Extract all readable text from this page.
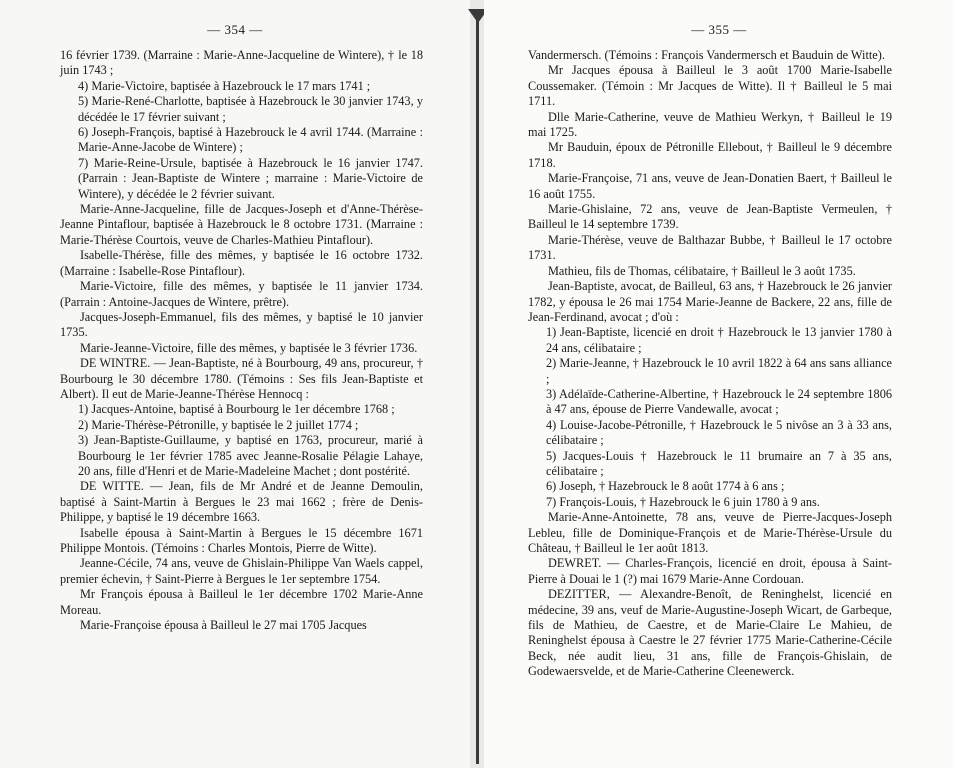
— 354 —

16 février 1739. (Marraine : Marie-Anne-Jacqueline de Wintere), † le 18 juin 1743 ;

4) Marie-Victoire, baptisée à Hazebrouck le 17 mars 1741 ;

5) Marie-René-Charlotte, baptisée à Hazebrouck le 30 janvier 1743, y décédée le 17 février suivant ;

6) Joseph-François, baptisé à Hazebrouck le 4 avril 1744. (Marraine : Marie-Anne-Jacobe de Wintere) ;

7) Marie-Reine-Ursule, baptisée à Hazebrouck le 16 janvier 1747. (Parrain : Jean-Baptiste de Wintere ; marraine : Marie-Victoire de Wintere), y décédée le 2 février suivant.

Marie-Anne-Jacqueline, fille de Jacques-Joseph et d'Anne-Thérèse-Jeanne Pintaflour, baptisée à Hazebrouck le 8 octobre 1731. (Marraine : Marie-Thérèse Courtois, veuve de Charles-Mathieu Pintaflour).

Isabelle-Thérèse, fille des mêmes, y baptisée le 16 octobre 1732. (Marraine : Isabelle-Rose Pintaflour).

Marie-Victoire, fille des mêmes, y baptisée le 11 janvier 1734. (Parrain : Antoine-Jacques de Wintere, prêtre).

Jacques-Joseph-Emmanuel, fils des mêmes, y baptisé le 10 janvier 1735.

Marie-Jeanne-Victoire, fille des mêmes, y baptisée le 3 février 1736.

DE WINTRE. — Jean-Baptiste, né à Bourbourg, 49 ans, procureur, † Bourbourg le 30 décembre 1780. (Témoins : Ses fils Jean-Baptiste et Albert). Il eut de Marie-Jeanne-Thérèse Hennocq :

1) Jacques-Antoine, baptisé à Bourbourg le 1er décembre 1768 ;

2) Marie-Thérèse-Pétronille, y baptisée le 2 juillet 1774 ;

3) Jean-Baptiste-Guillaume, y baptisé en 1763, procureur, marié à Bourbourg le 1er février 1785 avec Jeanne-Rosalie Pélagie Lahaye, 20 ans, fille d'Henri et de Marie-Madeleine Machet ; dont postérité.

DE WITTE. — Jean, fils de Mr André et de Jeanne Demoulin, baptisé à Saint-Martin à Bergues le 23 mai 1662 ; frère de Denis-Philippe, y baptisé le 19 décembre 1663.

Isabelle épousa à Saint-Martin à Bergues le 15 décembre 1671 Philippe Montois. (Témoins : Charles Montois, Pierre de Witte).

Jeanne-Cécile, 74 ans, veuve de Ghislain-Philippe Van Waels cappel, premier échevin, † Saint-Pierre à Bergues le 1er septembre 1754.

Mr François épousa à Bailleul le 1er décembre 1702 Marie-Anne Moreau.

Marie-Françoise épousa à Bailleul le 27 mai 1705 Jacques

— 355 —

Vandermersch. (Témoins : François Vandermersch et Bauduin de Witte).

Mr Jacques épousa à Bailleul le 3 août 1700 Marie-Isabelle Coussemaker. (Témoin : Mr Jacques de Witte). Il † Bailleul le 5 mai 1711.

Dlle Marie-Catherine, veuve de Mathieu Werkyn, † Bailleul le 19 mai 1725.

Mr Bauduin, époux de Pétronille Ellebout, † Bailleul le 9 décembre 1718.

Marie-Françoise, 71 ans, veuve de Jean-Donatien Baert, † Bailleul le 16 août 1755.

Marie-Ghislaine, 72 ans, veuve de Jean-Baptiste Vermeulen, † Bailleul le 14 septembre 1739.

Marie-Thérèse, veuve de Balthazar Bubbe, † Bailleul le 17 octobre 1731.

Mathieu, fils de Thomas, célibataire, † Bailleul le 3 août 1735.

Jean-Baptiste, avocat, de Bailleul, 63 ans, † Hazebrouck le 26 janvier 1782, y épousa le 26 mai 1754 Marie-Jeanne de Backere, 22 ans, fille de Jean-Ferdinand, avocat ; d'où :

1) Jean-Baptiste, licencié en droit † Hazebrouck le 13 janvier 1780 à 24 ans, célibataire ;

2) Marie-Jeanne, † Hazebrouck le 10 avril 1822 à 64 ans sans alliance ;

3) Adélaïde-Catherine-Albertine, † Hazebrouck le 24 septembre 1806 à 47 ans, épouse de Pierre Vandewalle, avocat ;

4) Louise-Jacobe-Pétronille, † Hazebrouck le 5 nivôse an 3 à 33 ans, célibataire ;

5) Jacques-Louis † Hazebrouck le 11 brumaire an 7 à 35 ans, célibataire ;

6) Joseph, † Hazebrouck le 8 août 1774 à 6 ans ;

7) François-Louis, † Hazebrouck le 6 juin 1780 à 9 ans.

Marie-Anne-Antoinette, 78 ans, veuve de Pierre-Jacques-Joseph Lebleu, fille de Dominique-François et de Marie-Thérèse-Ursule du Château, † Bailleul le 1er août 1813.

DEWRET. — Charles-François, licencié en droit, épousa à Saint-Pierre à Douai le 1 (?) mai 1679 Marie-Anne Cordouan.

DEZITTER, — Alexandre-Benoît, de Reninghelst, licencié en médecine, 39 ans, veuf de Marie-Augustine-Joseph Wicart, de Garbeque, fils de Mathieu, de Caestre, et de Marie-Claire Le Mahieu, de Reninghelst épousa à Caestre le 27 février 1775 Marie-Catherine-Cécile Beck, née audit lieu, 31 ans, fille de François-Ghislain, de Godewaersvelde, et de Marie-Catherine Cleenewerck.
